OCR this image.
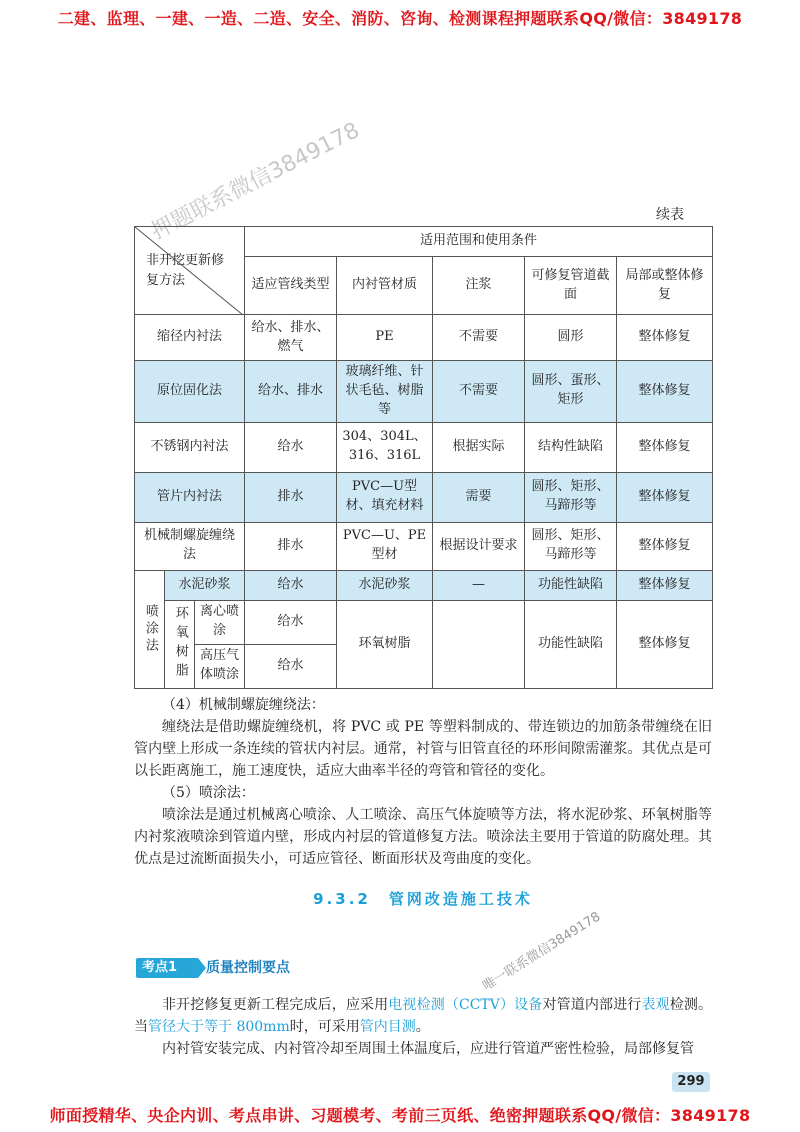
二建、监理、一建、一造、二造、安全、消防、咨询、检测课程押题联系QQ/微信：3849178
押题联系微信3849178
唯一联系微信3849178
续表
非开挖更新修复方法			适用范围和使用条件				
			适应管线类型	内衬管材质	注浆	可修复管道截面	局部或整体修复
缩径内衬法			给水、排水、燃气	PE	不需要	圆形	整体修复
原位固化法			给水、排水	玻璃纤维、针状毛毡、树脂等	不需要	圆形、蛋形、矩形	整体修复
不锈钢内衬法			给水	304、304L、316、316L	根据实际	结构性缺陷	整体修复
管片内衬法			排水	PVC—U型材、填充材料	需要	圆形、矩形、马蹄形等	整体修复
机械制螺旋缠绕法			排水	PVC—U、PE型材	根据设计要求	圆形、矩形、马蹄形等	整体修复
喷涂法	水泥砂浆		给水	水泥砂浆	—	功能性缺陷	整体修复
	环氧树脂	离心喷涂	给水	环氧树脂		功能性缺陷	整体修复
		高压气体喷涂	给水				
（4）机械制螺旋缠绕法：
缠绕法是借助螺旋缠绕机，将 PVC 或 PE 等塑料制成的、带连锁边的加筋条带缠绕在旧管内壁上形成一条连续的管状内衬层。通常，衬管与旧管直径的环形间隙需灌浆。其优点是可以长距离施工，施工速度快，适应大曲率半径的弯管和管径的变化。
（5）喷涂法：
喷涂法是通过机械离心喷涂、人工喷涂、高压气体旋喷等方法，将水泥砂浆、环氧树脂等内衬浆液喷涂到管道内壁，形成内衬层的管道修复方法。喷涂法主要用于管道的防腐处理。其优点是过流断面损失小，可适应管径、断面形状及弯曲度的变化。
9.3.2　管网改造施工技术
考点1	质量控制要点
非开挖修复更新工程完成后，应采用电视检测（CCTV）设备对管道内部进行表观检测。当管径大于等于 800mm时，可采用管内目测。
内衬管安装完成、内衬管冷却至周围土体温度后，应进行管道严密性检验，局部修复管
299
师面授精华、央企内训、考点串讲、习题模考、考前三页纸、绝密押题联系QQ/微信：3849178
